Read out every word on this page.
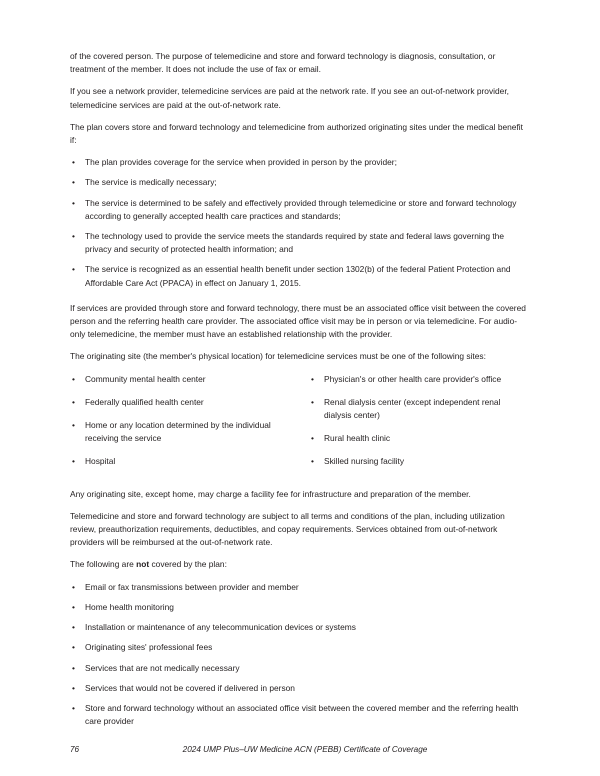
of the covered person. The purpose of telemedicine and store and forward technology is diagnosis, consultation, or treatment of the member. It does not include the use of fax or email.

If you see a network provider, telemedicine services are paid at the network rate. If you see an out-of-network provider, telemedicine services are paid at the out-of-network rate.

The plan covers store and forward technology and telemedicine from authorized originating sites under the medical benefit if:

• The plan provides coverage for the service when provided in person by the provider;
• The service is medically necessary;
• The service is determined to be safely and effectively provided through telemedicine or store and forward technology according to generally accepted health care practices and standards;
• The technology used to provide the service meets the standards required by state and federal laws governing the privacy and security of protected health information; and
• The service is recognized as an essential health benefit under section 1302(b) of the federal Patient Protection and Affordable Care Act (PPACA) in effect on January 1, 2015.

If services are provided through store and forward technology, there must be an associated office visit between the covered person and the referring health care provider. The associated office visit may be in person or via telemedicine. For audio-only telemedicine, the member must have an established relationship with the provider.

The originating site (the member's physical location) for telemedicine services must be one of the following sites:

• Community mental health center
• Federally qualified health center
• Home or any location determined by the individual receiving the service
• Hospital
• Physician's or other health care provider's office
• Renal dialysis center (except independent renal dialysis center)
• Rural health clinic
• Skilled nursing facility

Any originating site, except home, may charge a facility fee for infrastructure and preparation of the member.

Telemedicine and store and forward technology are subject to all terms and conditions of the plan, including utilization review, preauthorization requirements, deductibles, and copay requirements. Services obtained from out-of-network providers will be reimbursed at the out-of-network rate.

The following are not covered by the plan:

• Email or fax transmissions between provider and member
• Home health monitoring
• Installation or maintenance of any telecommunication devices or systems
• Originating sites' professional fees
• Services that are not medically necessary
• Services that would not be covered if delivered in person
• Store and forward technology without an associated office visit between the covered member and the referring health care provider
76	2024 UMP Plus–UW Medicine ACN (PEBB) Certificate of Coverage
